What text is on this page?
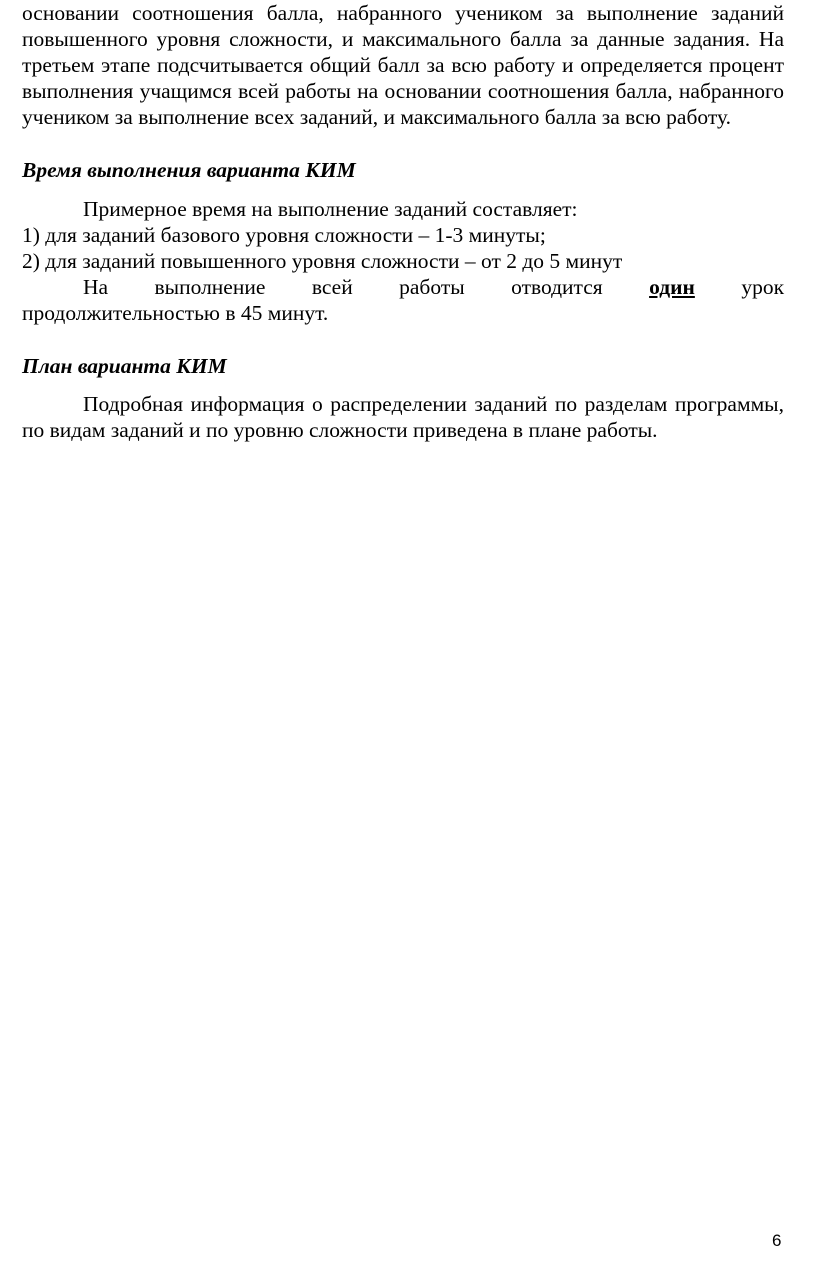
основании соотношения балла, набранного учеником за выполнение заданий повышенного уровня сложности, и максимального балла за данные задания. На третьем этапе подсчитывается общий балл за всю работу и определяется процент выполнения учащимся всей работы на основании соотношения балла, набранного учеником за выполнение всех заданий, и максимального балла за всю работу.

Время выполнения варианта КИМ

Примерное время на выполнение заданий составляет:

1) для заданий базового уровня сложности – 1-3 минуты;

2) для заданий повышенного уровня сложности – от 2 до 5 минут

На выполнение всей работы отводится один урок

продолжительностью в 45 минут.

План варианта КИМ

Подробная информация о распределении заданий по разделам программы, по видам заданий и по уровню сложности приведена в плане работы.

6
